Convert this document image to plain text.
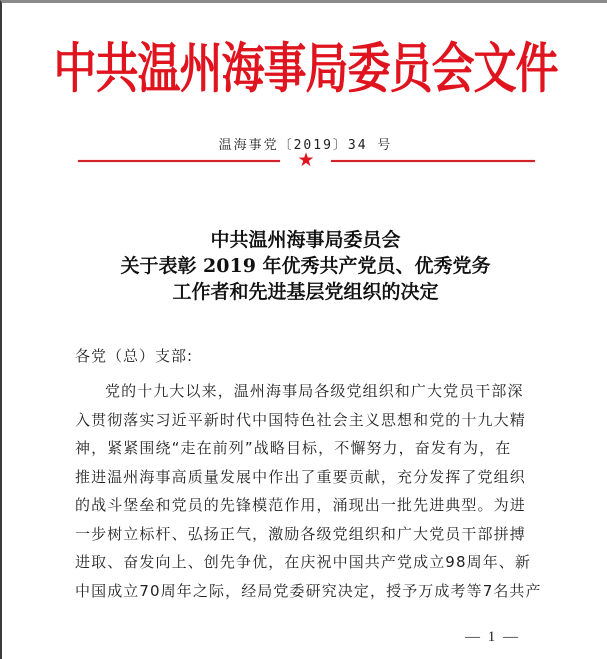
中共温州海事局委员会文件
温海事党〔2019〕34 号
★
中共温州海事局委员会
关于表彰 2019 年优秀共产党员、优秀党务
工作者和先进基层党组织的决定
各党（总）支部:
党的十九大以来，温州海事局各级党组织和广大党员干部深
入贯彻落实习近平新时代中国特色社会主义思想和党的十九大精
神，紧紧围绕“走在前列”战略目标，不懈努力，奋发有为，在
推进温州海事高质量发展中作出了重要贡献，充分发挥了党组织
的战斗堡垒和党员的先锋模范作用，涌现出一批先进典型。为进
一步树立标杆、弘扬正气，激励各级党组织和广大党员干部拼搏
进取、奋发向上、创先争优，在庆祝中国共产党成立98周年、新
中国成立70周年之际，经局党委研究决定，授予万成考等7名共产
— 1 —
